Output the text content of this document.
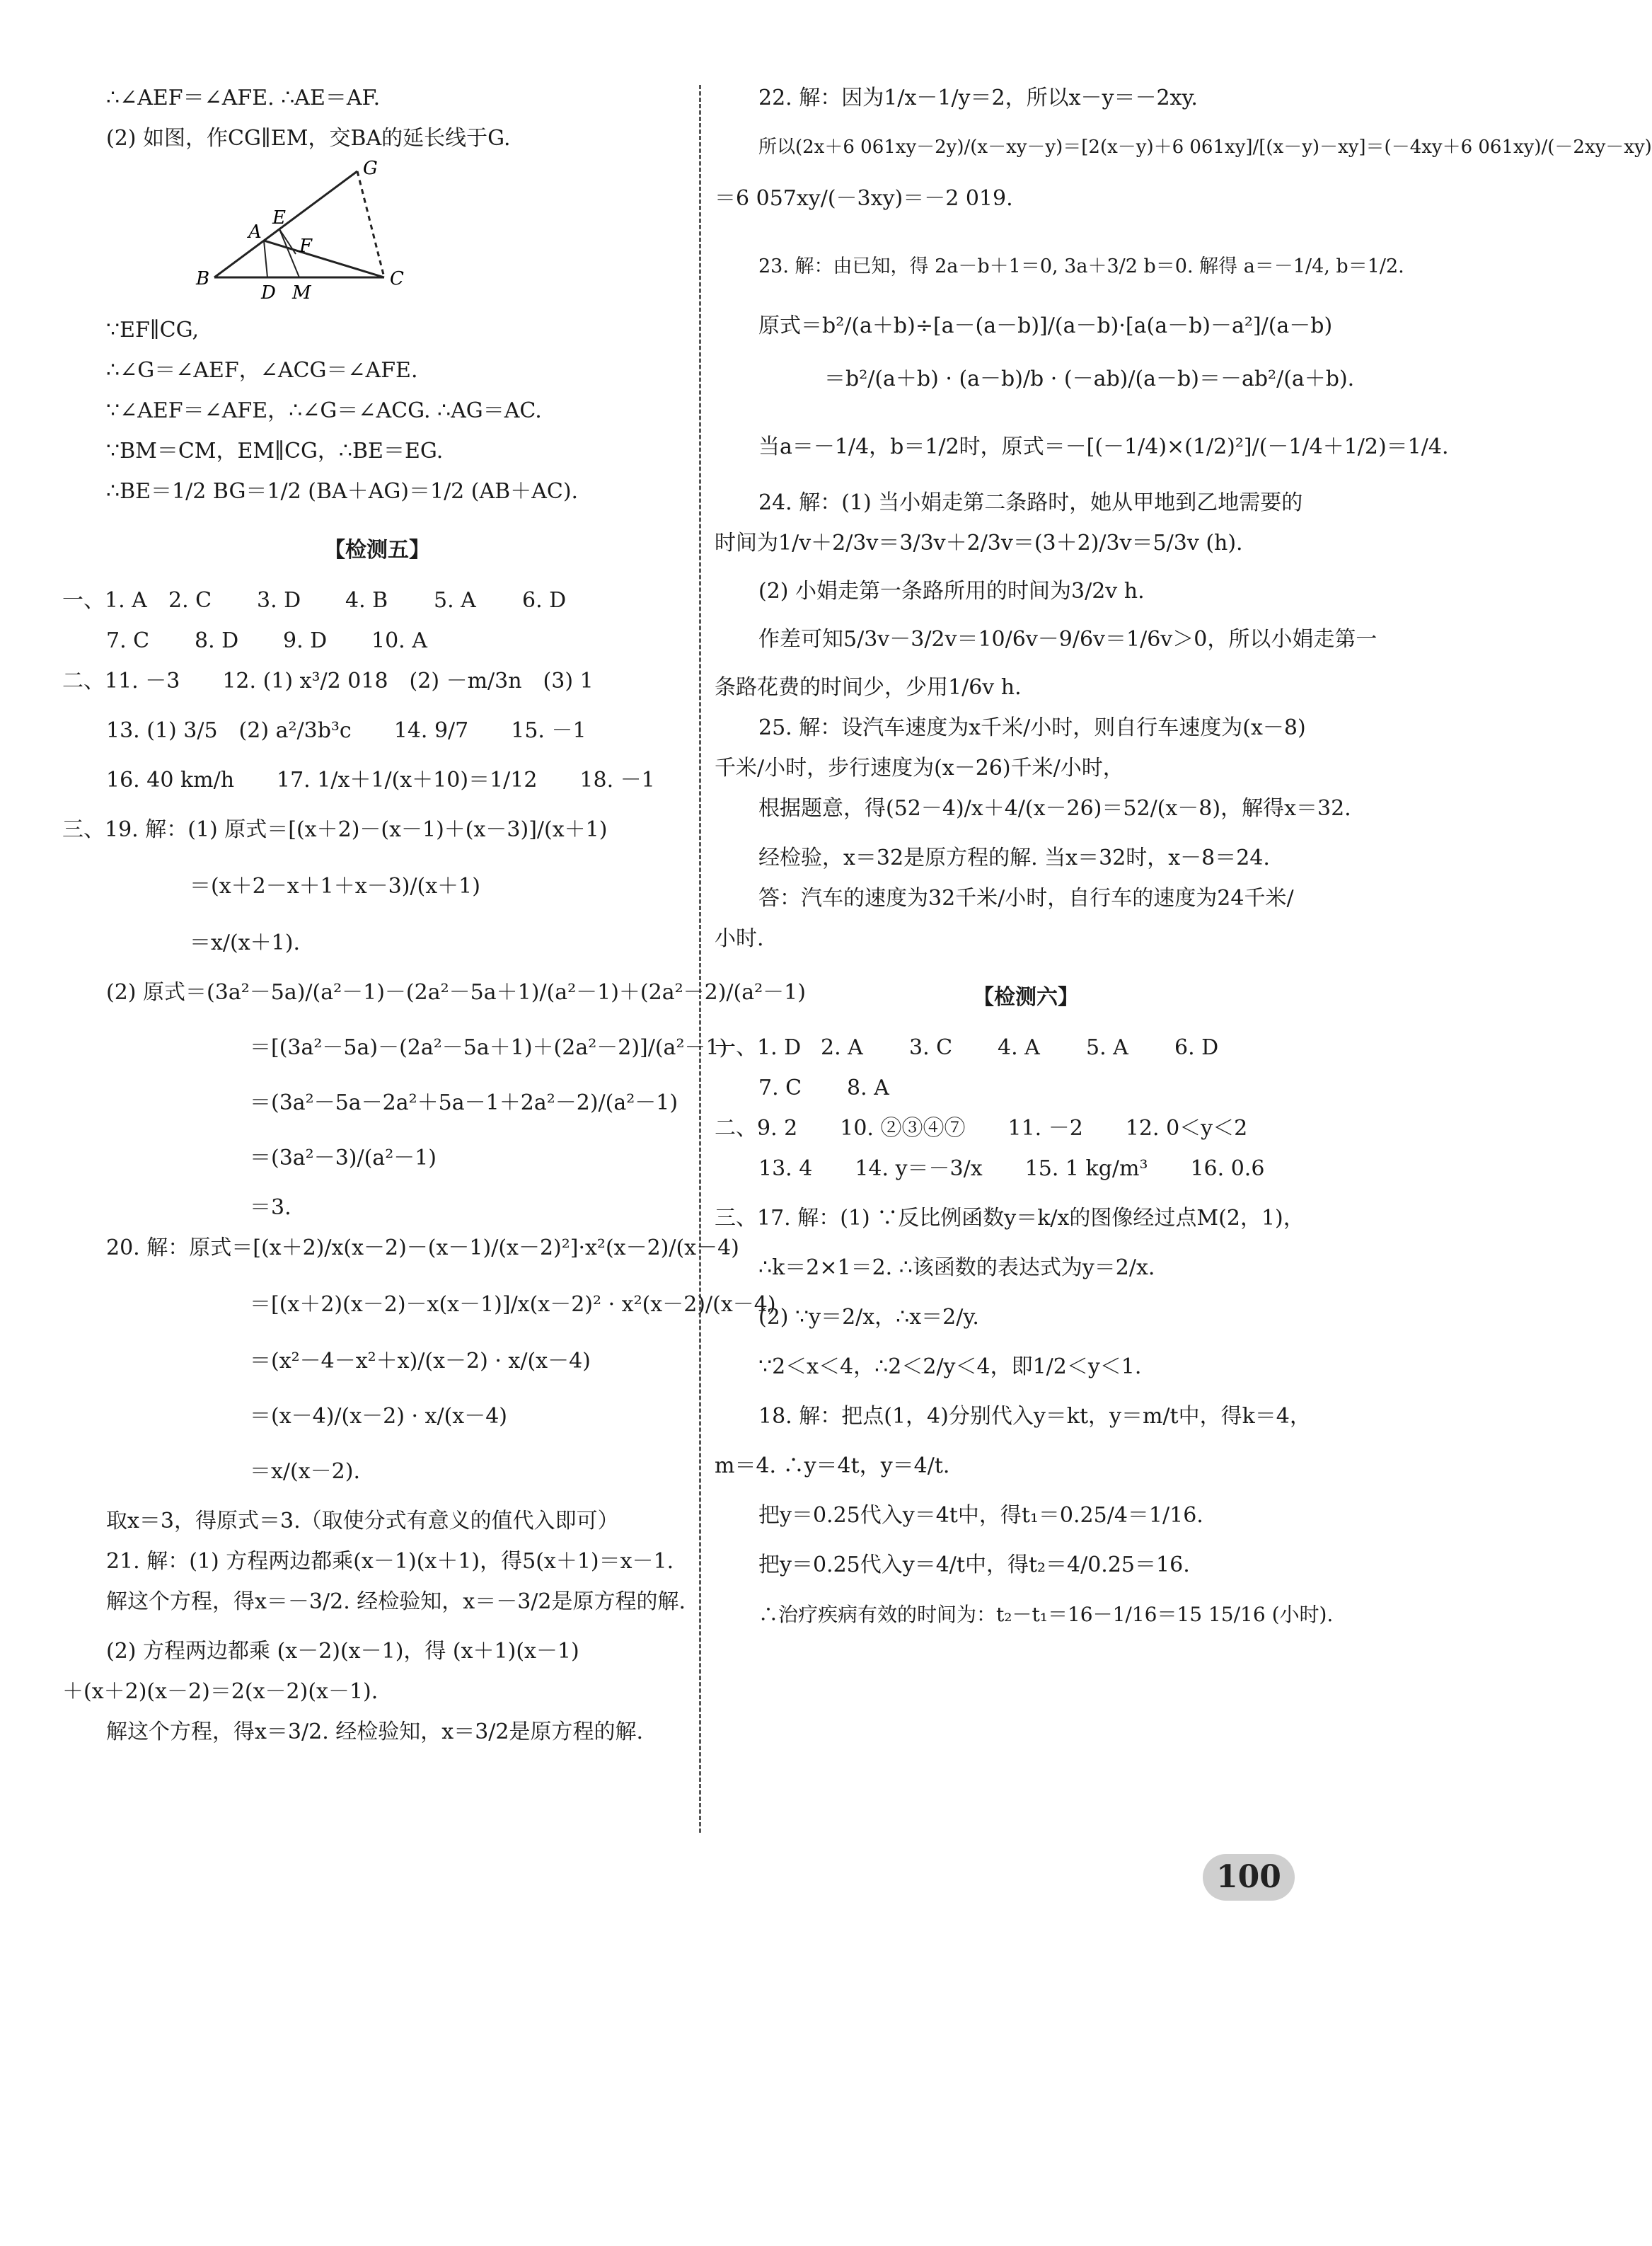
∴∠AEF＝∠AFE. ∴AE＝AF.
(2) 如图，作CG∥EM，交BA的延长线于G.
G
E
A
F
B
D M
C
∵EF∥CG,
∴∠G＝∠AEF，∠ACG＝∠AFE.
∵∠AEF＝∠AFE，∴∠G＝∠ACG. ∴AG＝AC.
∵BM＝CM，EM∥CG，∴BE＝EG.
∴BE＝1/2 BG＝1/2 (BA＋AG)＝1/2 (AB＋AC).
【检测五】
一、1. A	2. C	3. D	4. B	5. A	6. D
7. C	8. D	9. D	10. A
二、11. －3　　12. (1) x³/2 018　(2) －m/3n　(3) 1
13. (1) 3/5　(2) a²/3b³c　　14. 9/7　　15. －1
16. 40 km/h　　17. 1/x＋1/(x＋10)＝1/12　　18. －1
三、19. 解：(1) 原式＝[(x＋2)－(x－1)＋(x－3)]/(x＋1)
＝(x＋2－x＋1＋x－3)/(x＋1)
＝x/(x＋1).
(2) 原式＝(3a²－5a)/(a²－1)－(2a²－5a＋1)/(a²－1)＋(2a²－2)/(a²－1)
＝[(3a²－5a)－(2a²－5a＋1)＋(2a²－2)]/(a²－1)
＝(3a²－5a－2a²＋5a－1＋2a²－2)/(a²－1)
＝(3a²－3)/(a²－1)
＝3.
20. 解：原式＝[(x＋2)/x(x－2)－(x－1)/(x－2)²]·x²(x－2)/(x－4)
＝[(x＋2)(x－2)－x(x－1)]/x(x－2)² · x²(x－2)/(x－4)
＝(x²－4－x²＋x)/(x－2) · x/(x－4)
＝(x－4)/(x－2) · x/(x－4)
＝x/(x－2).
取x＝3，得原式＝3.（取使分式有意义的值代入即可）
21. 解：(1) 方程两边都乘(x－1)(x＋1)，得5(x＋1)＝x－1.
解这个方程，得x＝－3/2. 经检验知，x＝－3/2是原方程的解.
(2) 方程两边都乘 (x－2)(x－1)，得 (x＋1)(x－1)
＋(x＋2)(x－2)＝2(x－2)(x－1).
解这个方程，得x＝3/2. 经检验知，x＝3/2是原方程的解.
22. 解：因为1/x－1/y＝2，所以x－y＝－2xy.
所以(2x＋6 061xy－2y)/(x－xy－y)＝[2(x－y)＋6 061xy]/[(x－y)－xy]＝(－4xy＋6 061xy)/(－2xy－xy)
＝6 057xy/(－3xy)＝－2 019.
23. 解：由已知，得 2a－b＋1＝0, 3a＋3/2 b＝0. 解得 a＝－1/4, b＝1/2.
原式＝b²/(a＋b)÷[a－(a－b)]/(a－b)·[a(a－b)－a²]/(a－b)
＝b²/(a＋b) · (a－b)/b · (－ab)/(a－b)＝－ab²/(a＋b).
当a＝－1/4，b＝1/2时，原式＝－[(－1/4)×(1/2)²]/(－1/4＋1/2)＝1/4.
24. 解：(1) 当小娟走第二条路时，她从甲地到乙地需要的
时间为1/v＋2/3v＝3/3v＋2/3v＝(3＋2)/3v＝5/3v (h).
(2) 小娟走第一条路所用的时间为3/2v h.
作差可知5/3v－3/2v＝10/6v－9/6v＝1/6v＞0，所以小娟走第一
条路花费的时间少，少用1/6v h.
25. 解：设汽车速度为x千米/小时，则自行车速度为(x－8)
千米/小时，步行速度为(x－26)千米/小时，
根据题意，得(52－4)/x＋4/(x－26)＝52/(x－8)，解得x＝32.
经检验，x＝32是原方程的解. 当x＝32时，x－8＝24.
答：汽车的速度为32千米/小时，自行车的速度为24千米/
小时.
【检测六】
一、1. D 2. A	3. C	4. A	5. A	6. D
7. C	8. A
二、9. 2　　10. ②③④⑦　　11. －2　　12. 0＜y＜2
13. 4　　14. y＝－3/x　　15. 1 kg/m³　　16. 0.6
三、17. 解：(1) ∵反比例函数y＝k/x的图像经过点M(2，1)，
∴k＝2×1＝2. ∴该函数的表达式为y＝2/x.
(2) ∵y＝2/x，∴x＝2/y.
∵2＜x＜4，∴2＜2/y＜4，即1/2＜y＜1.
18. 解：把点(1，4)分别代入y＝kt，y＝m/t中，得k＝4，
m＝4. ∴y＝4t，y＝4/t.
把y＝0.25代入y＝4t中，得t₁＝0.25/4＝1/16.
把y＝0.25代入y＝4/t中，得t₂＝4/0.25＝16.
∴治疗疾病有效的时间为：t₂－t₁＝16－1/16＝15 15/16 (小时).
100
